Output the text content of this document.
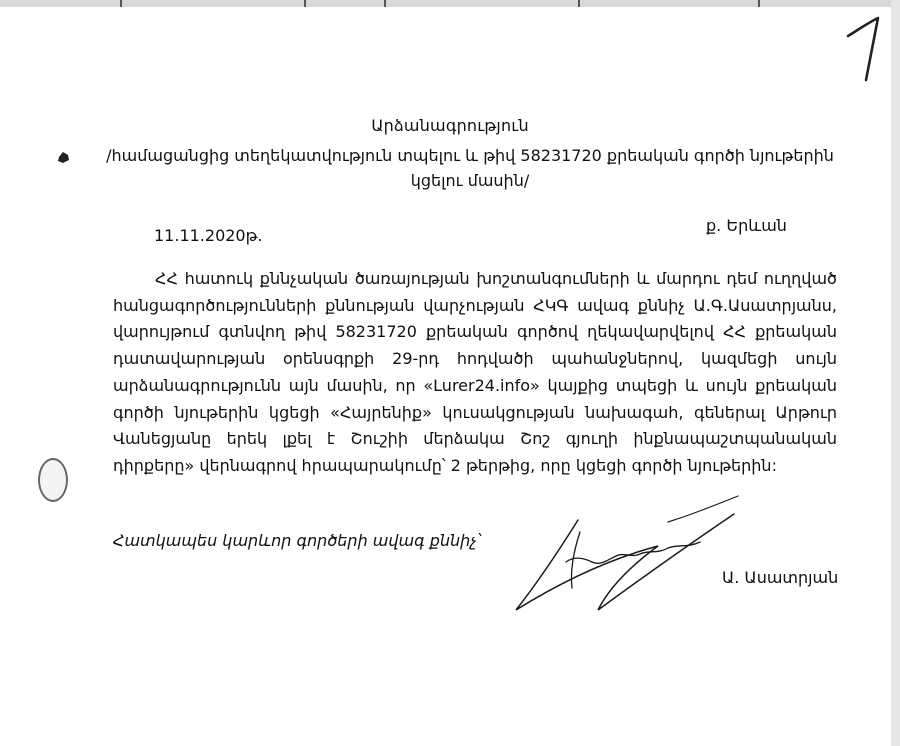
Արձանագրություն
/համացանցից տեղեկատվություն տպելու և թիվ 58231720 քրեական գործի նյութերին կցելու մասին/
11.11.2020թ.
ք. Երևան
ՀՀ հատուկ քննչական ծառայության խոշտանգումների և մարդու դեմ ուղղված հանցագործությունների քննության վարչության ՀԿԳ ավագ քննիչ Ա.Գ.Ասատրյանս, վարույթում գտնվող թիվ 58231720 քրեական գործով ղեկավարվելով ՀՀ քրեական դատավարության օրենսգրքի 29-րդ հոդվածի պահանջներով, կազմեցի սույն արձանագրությունն այն մասին, որ «Lurer24.info» կայքից տպեցի և սույն քրեական գործի նյութերին կցեցի «Հայրենիք» կուսակցության նախագահ, գեներալ Արթուր Վանեցյանը երեկ լքել է Շուշիի մերձակա Շոշ գյուղի ինքնապաշտպանական դիրքերը» վերնագրով հրապարակումը՝ 2 թերթից, որը կցեցի գործի նյութերին:
Հատկապես կարևոր գործերի ավագ քննիչ՝
Ա. Ասատրյան
